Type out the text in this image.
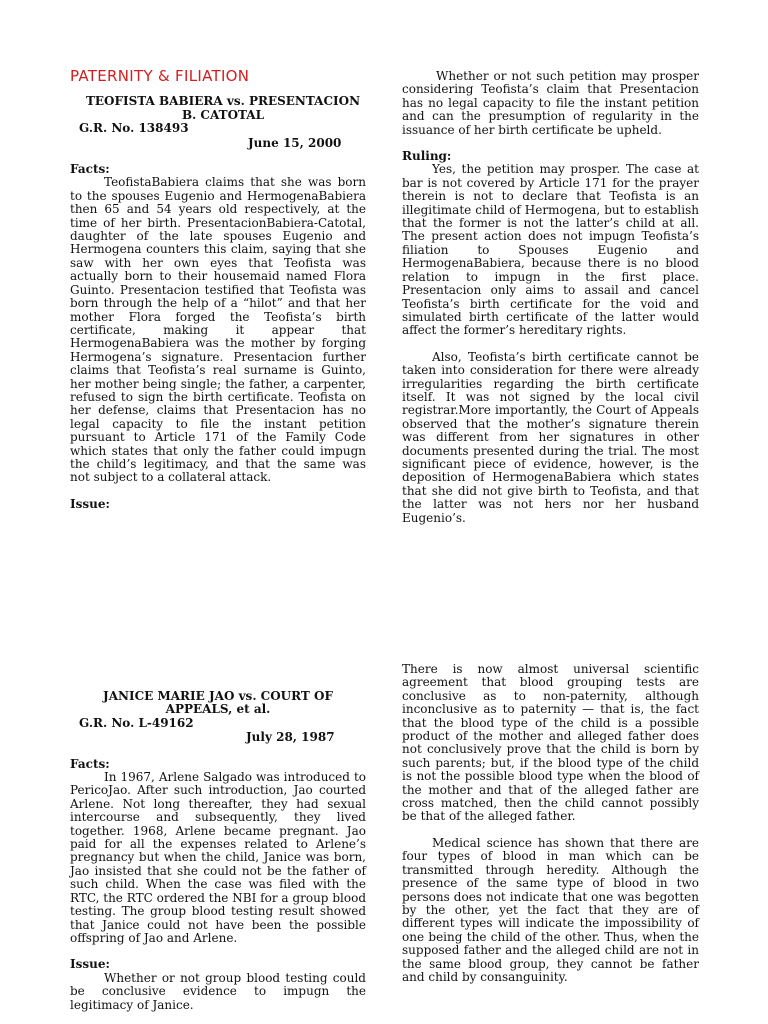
PATERNITY & FILIATION
TEOFISTA BABIERA vs. PRESENTACION B. CATOTAL
G.R. No. 138493
June 15, 2000
Facts:

TeofistaBabiera claims that she was born to the spouses Eugenio and HermogenaBabiera then 65 and 54 years old respectively, at the time of her birth. PresentacionBabiera-Catotal, daughter of the late spouses Eugenio and Hermogena counters this claim, saying that she saw with her own eyes that Teofista was actually born to their housemaid named Flora Guinto. Presentacion testified that Teofista was born through the help of a “hilot” and that her mother Flora forged the Teofista’s birth certificate, making it appear that HermogenaBabiera was the mother by forging Hermogena’s signature. Presentacion further claims that Teofista’s real surname is Guinto, her mother being single; the father, a carpenter, refused to sign the birth certificate. Teofista on her defense, claims that Presentacion has no legal capacity to file the instant petition pursuant to Article 171 of the Family Code which states that only the father could impugn the child’s legitimacy, and that the same was not subject to a collateral attack.

Issue:

Whether or not such petition may prosper considering Teofista’s claim that Presentacion has no legal capacity to file the instant petition and can the presumption of regularity in the issuance of her birth certificate be upheld.

Ruling:

Yes, the petition may prosper. The case at bar is not covered by Article 171 for the prayer therein is not to declare that Teofista is an illegitimate child of Hermogena, but to establish that the former is not the latter’s child at all. The present action does not impugn Teofista’s filiation to Spouses Eugenio and HermogenaBabiera, because there is no blood relation to impugn in the first place. Presentacion only aims to assail and cancel Teofista’s birth certificate for the void and simulated birth certificate of the latter would affect the former’s hereditary rights.

Also, Teofista’s birth certificate cannot be taken into consideration for there were already irregularities regarding the birth certificate itself. It was not signed by the local civil registrar.More importantly, the Court of Appeals observed that the mother’s signature therein was different from her signatures in other documents presented during the trial. The most significant piece of evidence, however, is the deposition of HermogenaBabiera which states that she did not give birth to Teofista, and that the latter was not hers nor her husband Eugenio’s.

JANICE MARIE JAO vs. COURT OF APPEALS, et al.
G.R. No. L-49162
July 28, 1987
Facts:

In 1967, Arlene Salgado was introduced to PericoJao. After such introduction, Jao courted Arlene. Not long thereafter, they had sexual intercourse and subsequently, they lived together. 1968, Arlene became pregnant. Jao paid for all the expenses related to Arlene’s pregnancy but when the child, Janice was born, Jao insisted that she could not be the father of such child. When the case was filed with the RTC, the RTC ordered the NBI for a group blood testing. The group blood testing result showed that Janice could not have been the possible offspring of Jao and Arlene.

Issue:

Whether or not group blood testing could be conclusive evidence to impugn the legitimacy of Janice.

There is now almost universal scientific agreement that blood grouping tests are conclusive as to non-paternity, although inconclusive as to paternity — that is, the fact that the blood type of the child is a possible product of the mother and alleged father does not conclusively prove that the child is born by such parents; but, if the blood type of the child is not the possible blood type when the blood of the mother and that of the alleged father are cross matched, then the child cannot possibly be that of the alleged father.

Medical science has shown that there are four types of blood in man which can be transmitted through heredity. Although the presence of the same type of blood in two persons does not indicate that one was begotten by the other, yet the fact that they are of different types will indicate the impossibility of one being the child of the other. Thus, when the supposed father and the alleged child are not in the same blood group, they cannot be father and child by consanguinity.
